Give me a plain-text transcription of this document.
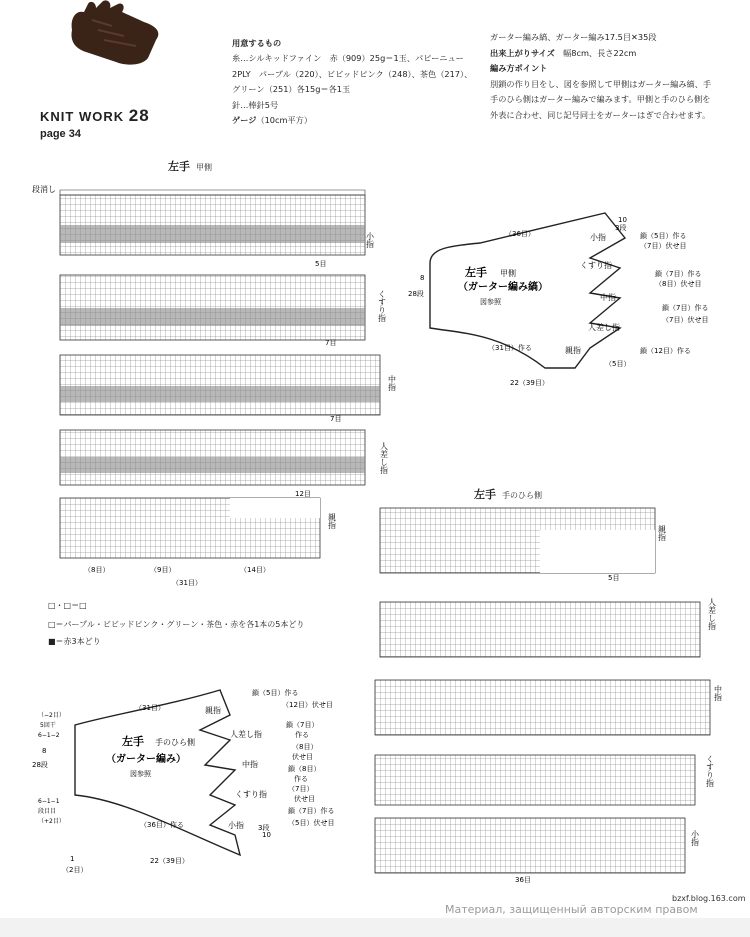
KNIT WORK 28
page 34
用意するもの
糸…シルキッドファイン　赤（909）25g＝1玉、パピーニュー
2PLY　パープル（220）、ビビッドピンク（248）、茶色（217）、
グリーン（251）各15g＝各1玉
針…棒針5号
ゲージ（10cm平方）
ガーター編み縞、ガーター編み17.5目✕35段
出来上がりサイズ　 幅8cm、長さ22cm
編み方ポイント
別鎖の作り目をし、図を参照して甲側はガーター編み縞、手
手のひら側はガーター編みで編みます。甲側と手のひら側を
外表に合わせ、同じ記号同士をガーターはぎで合わせます。
左手 甲側
段消し
小指
5目
くすり指
7目
中指
7目
人差し指
12目
親指
（8目）	（9目）	（14目）
（31目）
左手 甲側
（ガーター編み縞）
図参照
（36目）
（31目）作る
8
28段
22（39目）
10
3段
小指
くすり指
中指
人差し指
親指
鎖（5目）作る
（7目）伏せ目
鎖（7目）作る
（8目）伏せ目
鎖（7目）作る
（7目）伏せ目
鎖（12目）作る
（5目）
□・□＝□
□＝パープル・ビビッドピンク・グリーン・茶色・赤を各1本の5本どり
■＝赤3本どり
左手 手のひら側
（ガーター編み）
図参照
（31目）
（36目）作る
（−2目）
5回干
6−1−2
8
28段
6−1−1
段目目
（+2目）
22（39目）
1
（2目）
10
3段
親指
人差し指
中指
くすり指
小指
鎖（5目）作る
（12目）伏せ目
鎖（7目）
作る
（8目）
伏せ目
鎖（8目）
作る
（7目）
伏せ目
鎖（7目）作る
（5目）伏せ目
左手 手のひら側
親指
5目
人差し指
中指
くすり指
小指
36目
bzxf.blog.163.com
Материал, защищенный авторским правом
